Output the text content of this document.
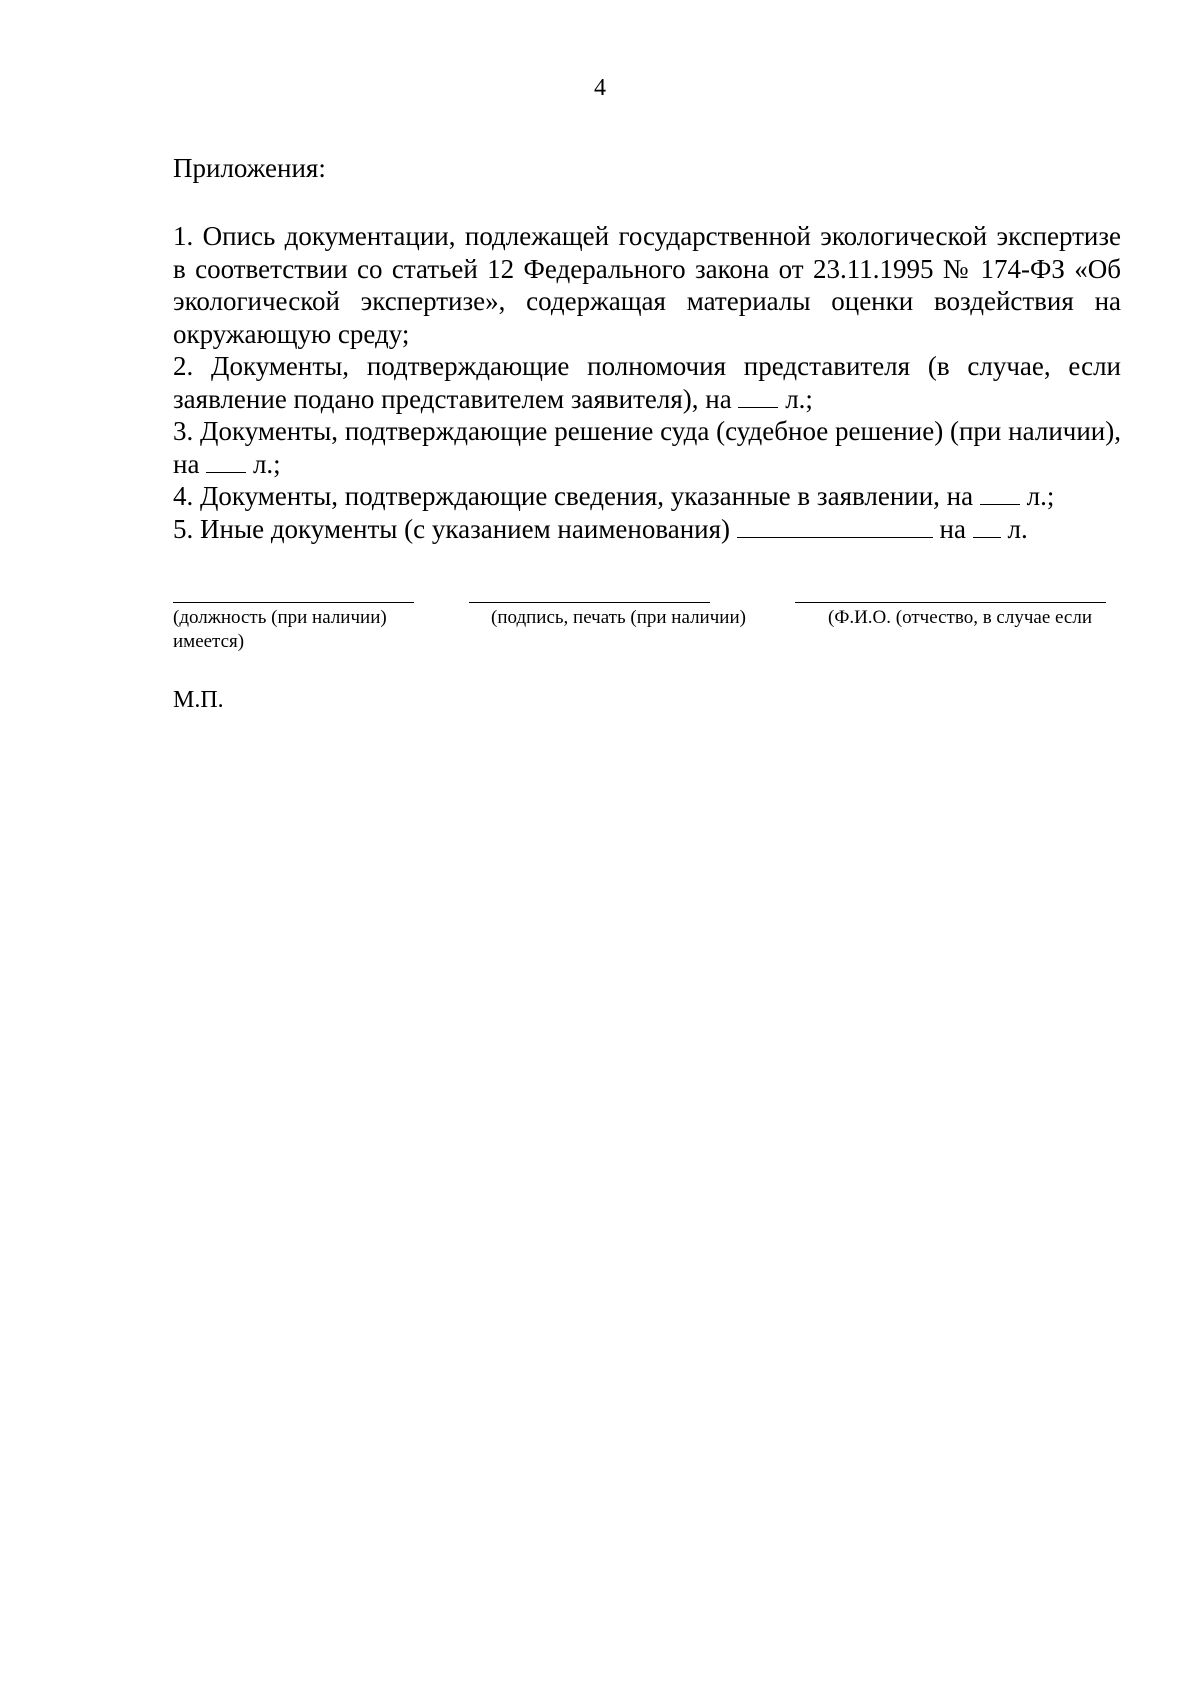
4

Приложения:

1. Опись документации, подлежащей государственной экологической экспертизе в соответствии со статьей 12 Федерального закона от 23.11.1995 № 174-ФЗ «Об экологической экспертизе», содержащая материалы оценки воздействия на окружающую среду;

2. Документы, подтверждающие полномочия представителя (в случае, если заявление подано представителем заявителя), на л.;

3. Документы, подтверждающие решение суда (судебное решение) (при наличии), на л.;

4. Документы, подтверждающие сведения, указанные в заявлении, на л.;

5. Иные документы (с указанием наименования)	на л.

(должность (при наличии)
имеется)
(подпись, печать (при наличии)	(Ф.И.О. (отчество, в случае если
М.П.
